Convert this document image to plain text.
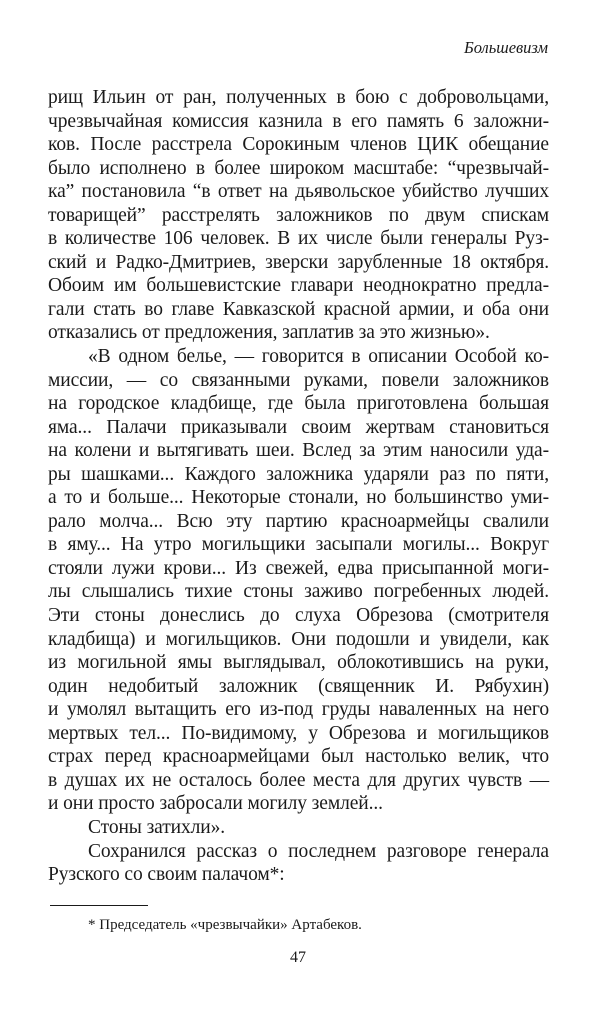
Большевизм
рищ Ильин от ран, полученных в бою с добровольцами,
чрезвычайная комиссия казнила в его память 6 заложни-
ков. После расстрела Сорокиным членов ЦИК обещание
было исполнено в более широком масштабе: “чрезвычай-
ка” постановила “в ответ на дьявольское убийство лучших
товарищей” расстрелять заложников по двум спискам
в количестве 106 человек. В их числе были генералы Руз-
ский и Радко-Дмитриев, зверски зарубленные 18 октября.
Обоим им большевистские главари неоднократно предла-
гали стать во главе Кавказской красной армии, и оба они
отказались от предложения, заплатив за это жизнью».
«В одном белье, — говорится в описании Особой ко-
миссии, — со связанными руками, повели заложников
на городское кладбище, где была приготовлена большая
яма... Палачи приказывали своим жертвам становиться
на колени и вытягивать шеи. Вслед за этим наносили уда-
ры шашками... Каждого заложника ударяли раз по пяти,
а то и больше... Некоторые стонали, но большинство уми-
рало молча... Всю эту партию красноармейцы свалили
в яму... На утро могильщики засыпали могилы... Вокруг
стояли лужи крови... Из свежей, едва присыпанной моги-
лы слышались тихие стоны заживо погребенных людей.
Эти стоны донеслись до слуха Обрезова (смотрителя
кладбища) и могильщиков. Они подошли и увидели, как
из могильной ямы выглядывал, облокотившись на руки,
один недобитый заложник (священник И. Рябухин)
и умолял вытащить его из-под груды наваленных на него
мертвых тел... По-видимому, у Обрезова и могильщиков
страх перед красноармейцами был настолько велик, что
в душах их не осталось более места для других чувств —
и они просто забросали могилу землей...
Стоны затихли».
Сохранился рассказ о последнем разговоре генерала
Рузского со своим палачом*:
* Председатель «чрезвычайки» Артабеков.
47
